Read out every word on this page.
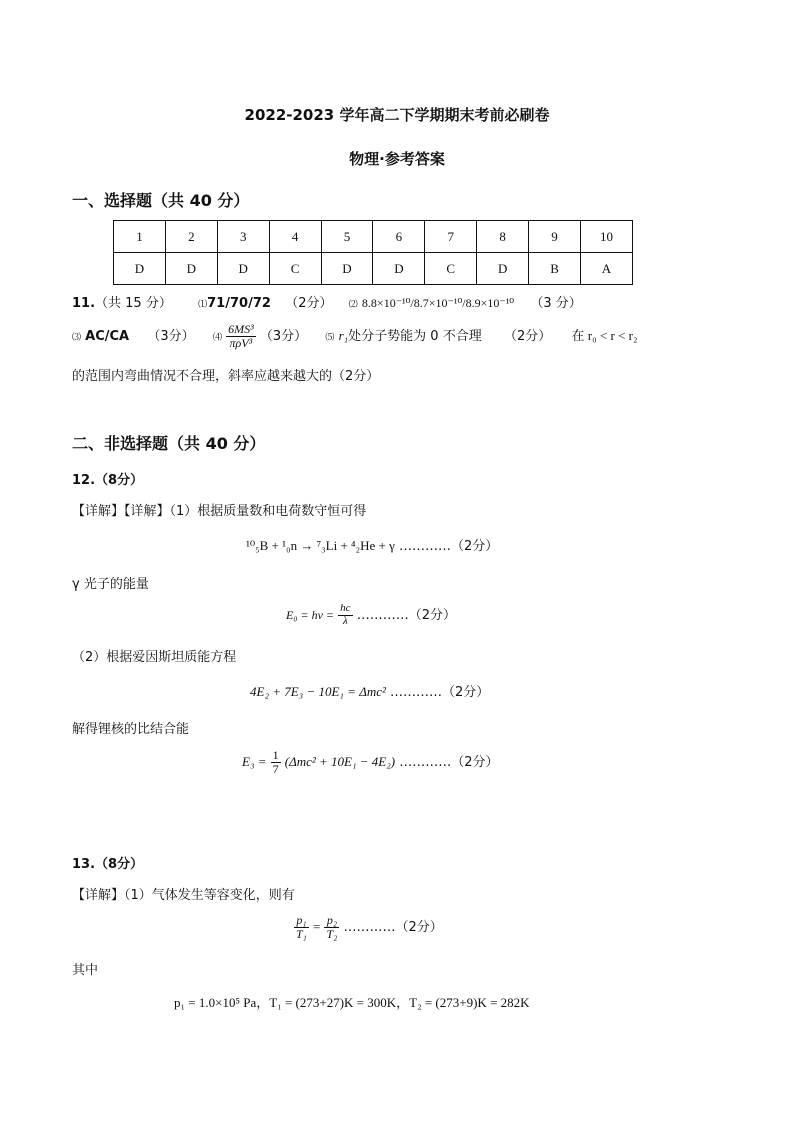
2022-2023 学年高二下学期期末考前必刷卷
物理·参考答案
一、选择题（共 40 分）
1	2	3	4	5	6	7	8	9	10
D	D	D	C	D	D	C	D	B	A
11.（共 15 分）	⑴71/70/72 （2分） ⑵ 8.8×10⁻¹⁰/8.7×10⁻¹⁰/8.9×10⁻¹⁰ （3 分）
⑶ AC/CA （3分） ⑷ $\frac{\text{6MS³}}{\text{πρV³}} (3$分） ⑸ r₁处分子势能为 0 不合理 （2分） 在 r₀ < r < r₂
的范围内弯曲情况不合理，斜率应越来越大的（2分）
二、非选择题（共 40 分）
12.（8分）
【详解】【详解】（1）根据质量数和电荷数守恒可得
¹⁰₅B + ¹₀n → ⁷₃Li + ⁴₂He + γ …………（2分）
γ 光子的能量
$E_0 = h\nu = \frac{hc}{\lambda}$ …………（2分）
（2）根据爱因斯坦质能方程
4E₂ + 7E₃ − 10E₁ = Δmc² …………（2分）
解得锂核的比结合能
$E_3 = \frac{1}{7} (\Delta mc^2 + 10E_1 - 4E_2)$ …………（2分）
13.（8分）
【详解】（1）气体发生等容变化，则有
$\frac{\text{p₁}}{\text{T₁}} = \frac{\text{p₂}}{\text{T₂}}$ …………（2分）
其中
p₁ = 1.0×10⁵ Pa，T₁ = (273+27)K = 300K，T₂ = (273+9)K = 282K
